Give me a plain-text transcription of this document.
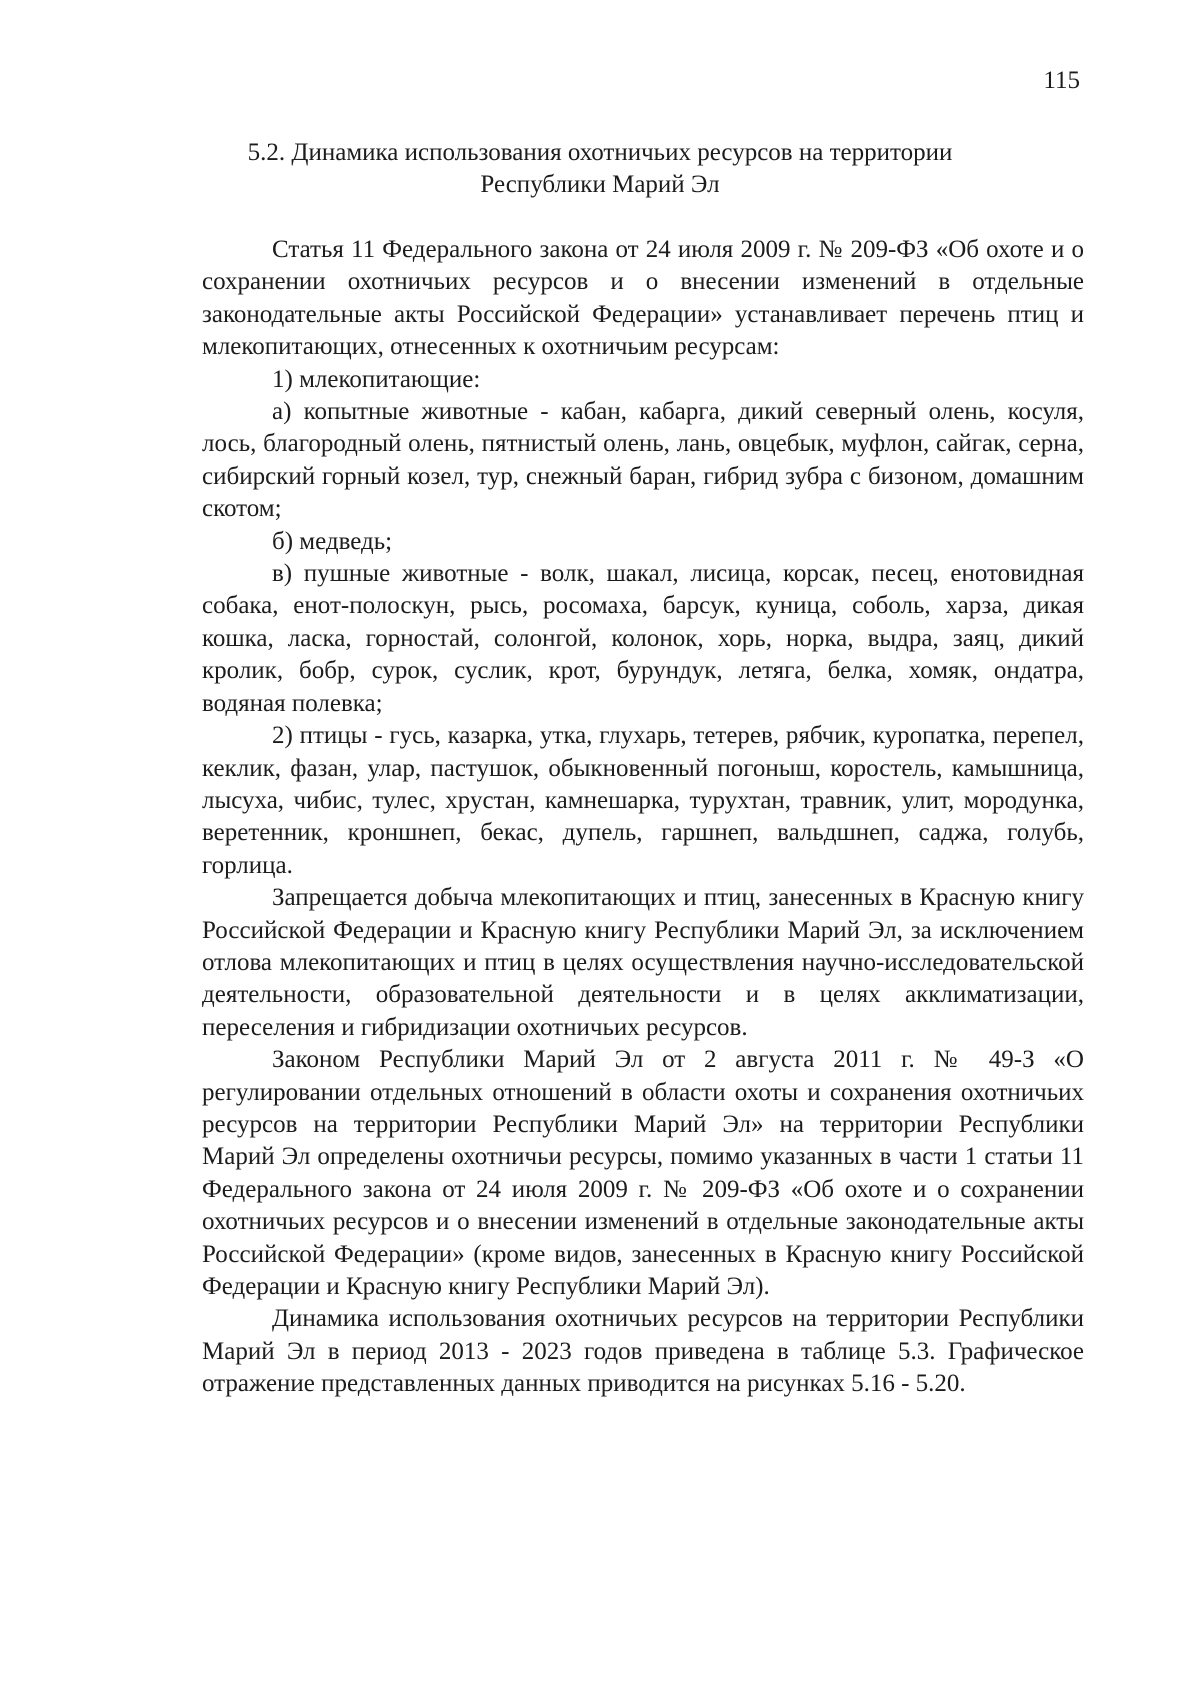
115
5.2. Динамика использования охотничьих ресурсов на территории
Республики Марий Эл

Статья 11 Федерального закона от 24 июля 2009 г. № 209-ФЗ «Об охоте и о сохранении охотничьих ресурсов и о внесении изменений в отдельные законодательные акты Российской Федерации» устанавливает перечень птиц и млекопитающих, отнесенных к охотничьим ресурсам:

1) млекопитающие:

а) копытные животные - кабан, кабарга, дикий северный олень, косуля, лось, благородный олень, пятнистый олень, лань, овцебык, муфлон, сайгак, серна, сибирский горный козел, тур, снежный баран, гибрид зубра с бизоном, домашним скотом;

б) медведь;

в) пушные животные - волк, шакал, лисица, корсак, песец, енотовидная собака, енот-полоскун, рысь, росомаха, барсук, куница, соболь, харза, дикая кошка, ласка, горностай, солонгой, колонок, хорь, норка, выдра, заяц, дикий кролик, бобр, сурок, суслик, крот, бурундук, летяга, белка, хомяк, ондатра, водяная полевка;

2) птицы - гусь, казарка, утка, глухарь, тетерев, рябчик, куропатка, перепел, кеклик, фазан, улар, пастушок, обыкновенный погоныш, коростель, камышница, лысуха, чибис, тулес, хрустан, камнешарка, турухтан, травник, улит, мородунка, веретенник, кроншнеп, бекас, дупель, гаршнеп, вальдшнеп, саджа, голубь, горлица.

Запрещается добыча млекопитающих и птиц, занесенных в Красную книгу Российской Федерации и Красную книгу Республики Марий Эл, за исключением отлова млекопитающих и птиц в целях осуществления научно-исследовательской деятельности, образовательной деятельности и в целях акклиматизации, переселения и гибридизации охотничьих ресурсов.

Законом Республики Марий Эл от 2 августа 2011 г. № 49-З «О регулировании отдельных отношений в области охоты и сохранения охотничьих ресурсов на территории Республики Марий Эл» на территории Республики Марий Эл определены охотничьи ресурсы, помимо указанных в части 1 статьи 11 Федерального закона от 24 июля 2009 г. № 209-ФЗ «Об охоте и о сохранении охотничьих ресурсов и о внесении изменений в отдельные законодательные акты Российской Федерации» (кроме видов, занесенных в Красную книгу Российской Федерации и Красную книгу Республики Марий Эл).

Динамика использования охотничьих ресурсов на территории Республики Марий Эл в период 2013 - 2023 годов приведена в таблице 5.3. Графическое отражение представленных данных приводится на рисунках 5.16 - 5.20.
